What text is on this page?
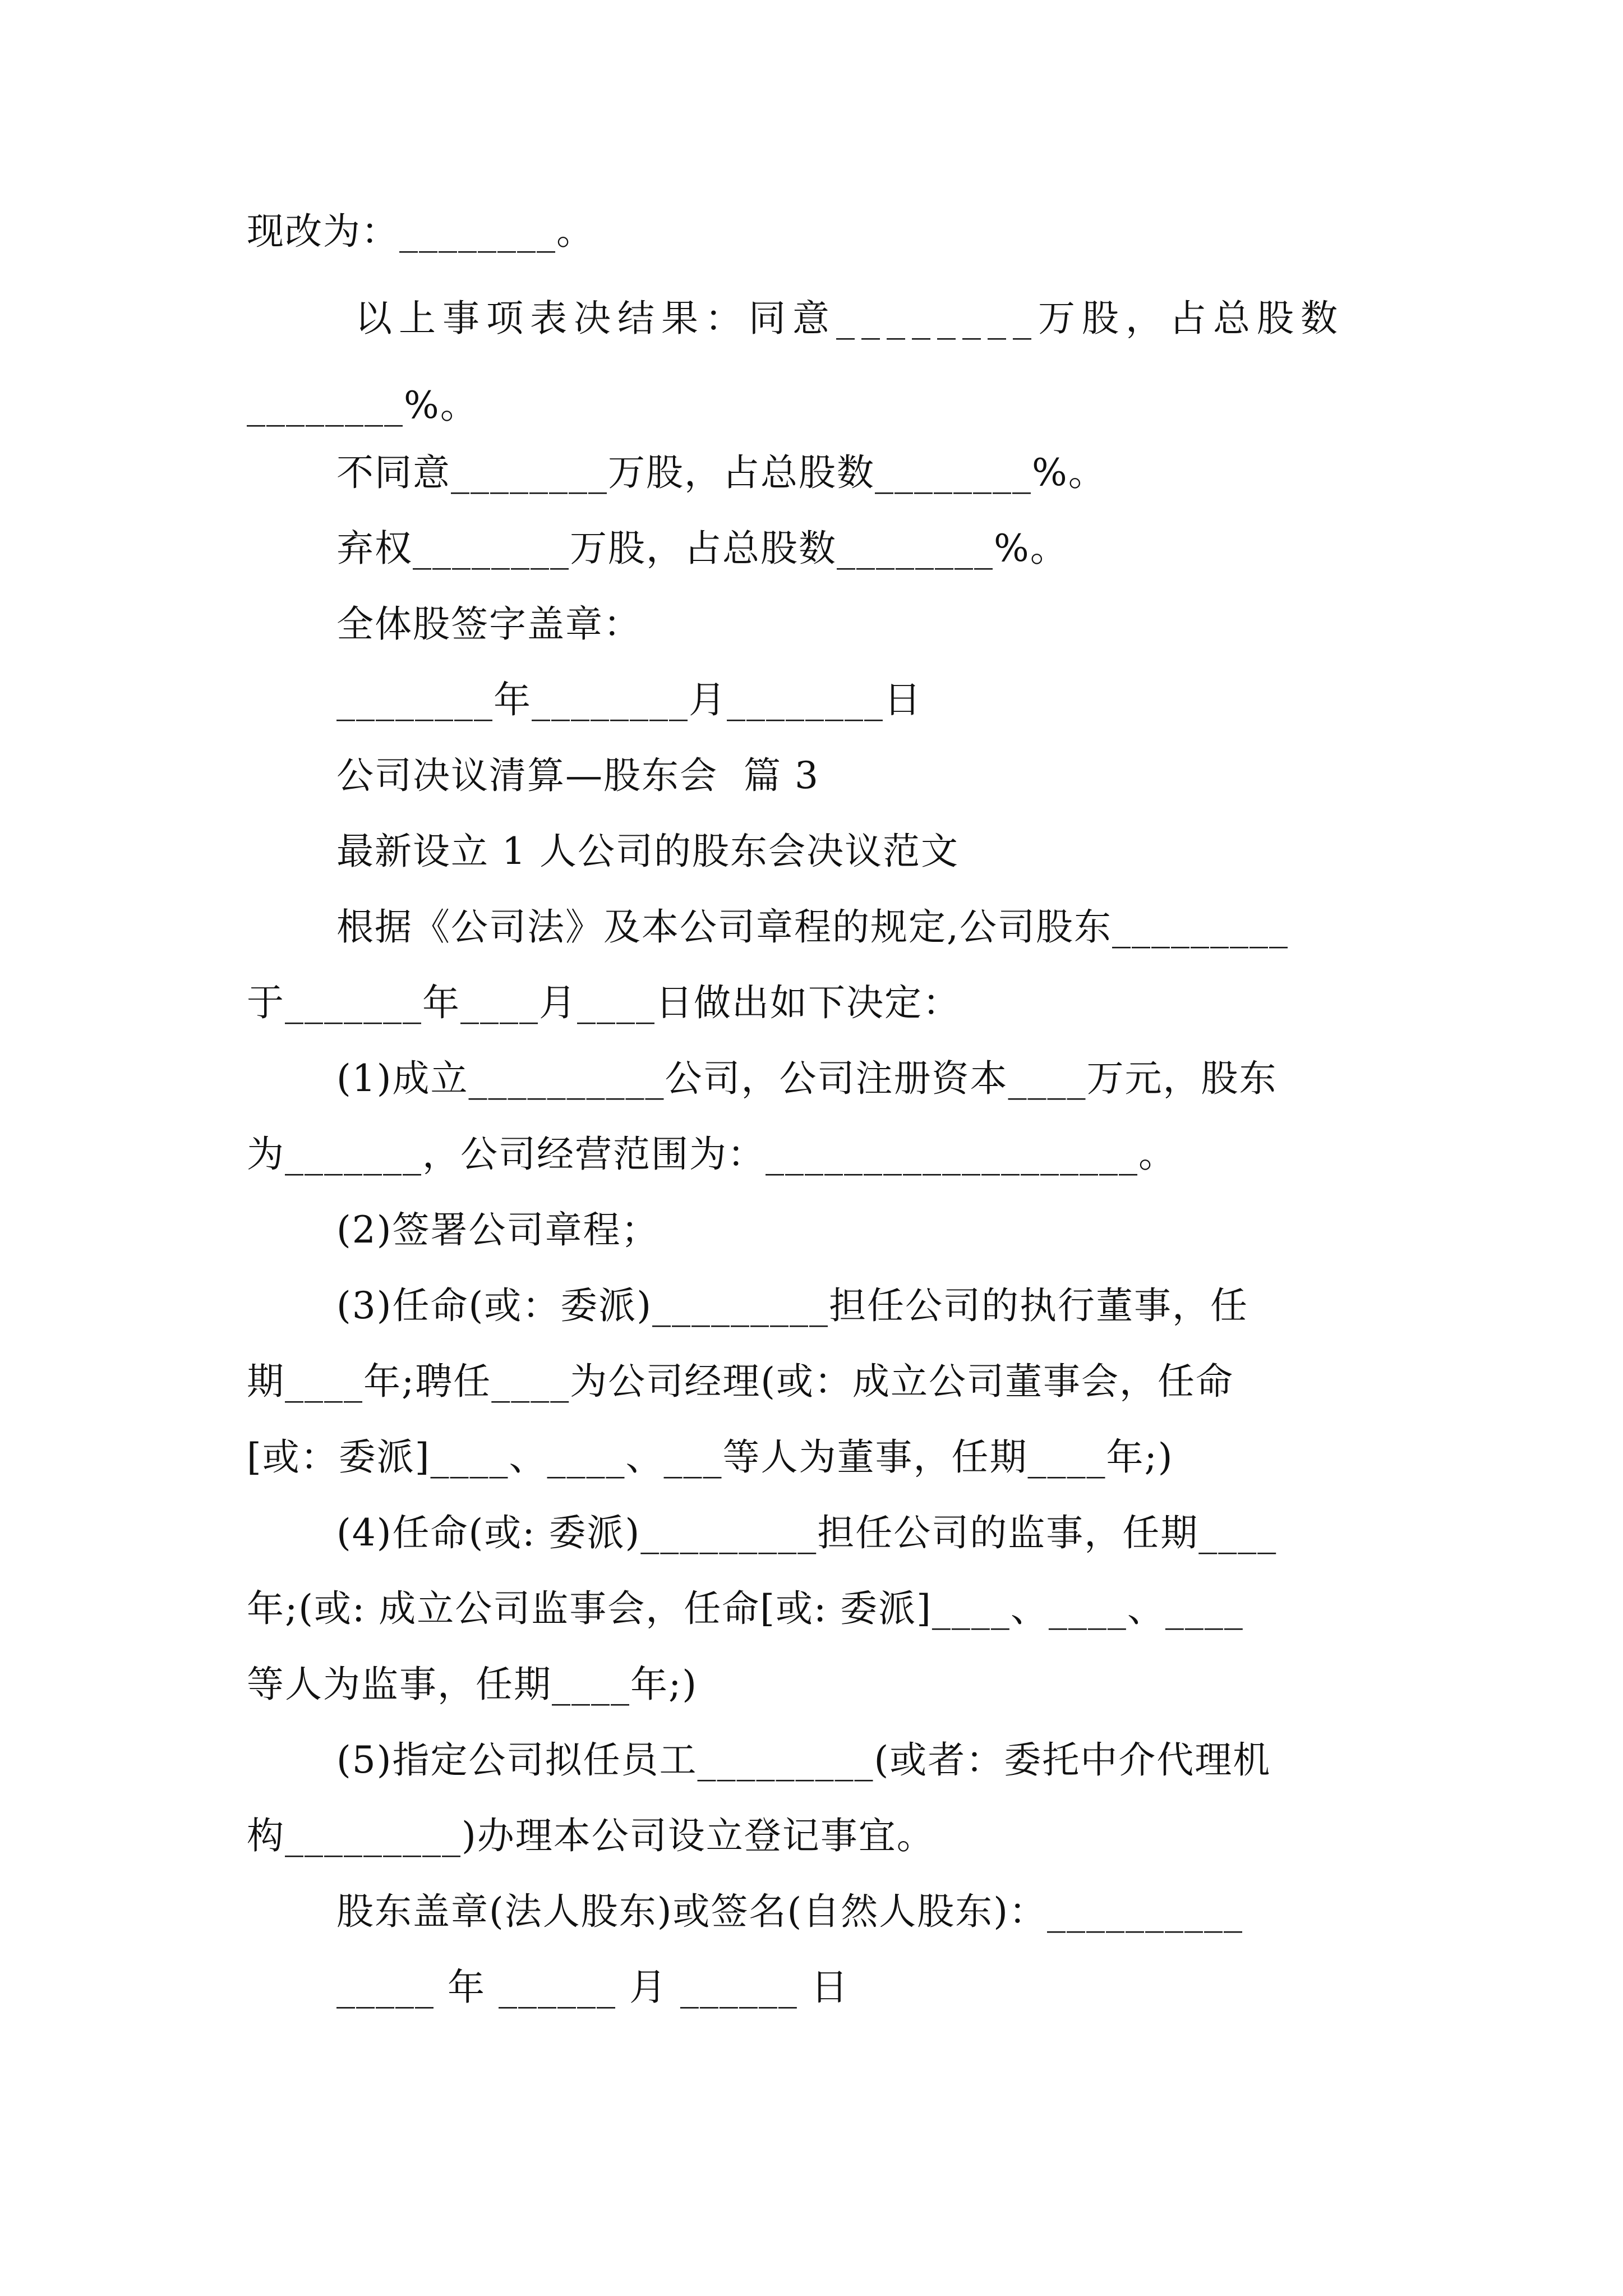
现改为：________。
以上事项表决结果：同意________万股，占总股数
________%。
不同意________万股，占总股数________%。
弃权________万股，占总股数________%。
全体股签字盖章：
________年________月________日
公司决议清算—股东会  篇 3
最新设立 1 人公司的股东会决议范文
根据《公司法》及本公司章程的规定,公司股东_________
于_______年____月____日做出如下决定：
(1)成立__________公司，公司注册资本____万元，股东
为_______，公司经营范围为：___________________。
(2)签署公司章程；
(3)任命(或：委派)_________担任公司的执行董事，任
期____年;聘任____为公司经理(或：成立公司董事会，任命
[或：委派]____、____、___等人为董事，任期____年;)
(4)任命(或: 委派)_________担任公司的监事，任期____
年;(或: 成立公司监事会，任命[或: 委派]____、____、____
等人为监事，任期____年;)
(5)指定公司拟任员工_________(或者：委托中介代理机
构_________)办理本公司设立登记事宜。
股东盖章(法人股东)或签名(自然人股东)：__________
_____ 年 ______ 月 ______ 日
